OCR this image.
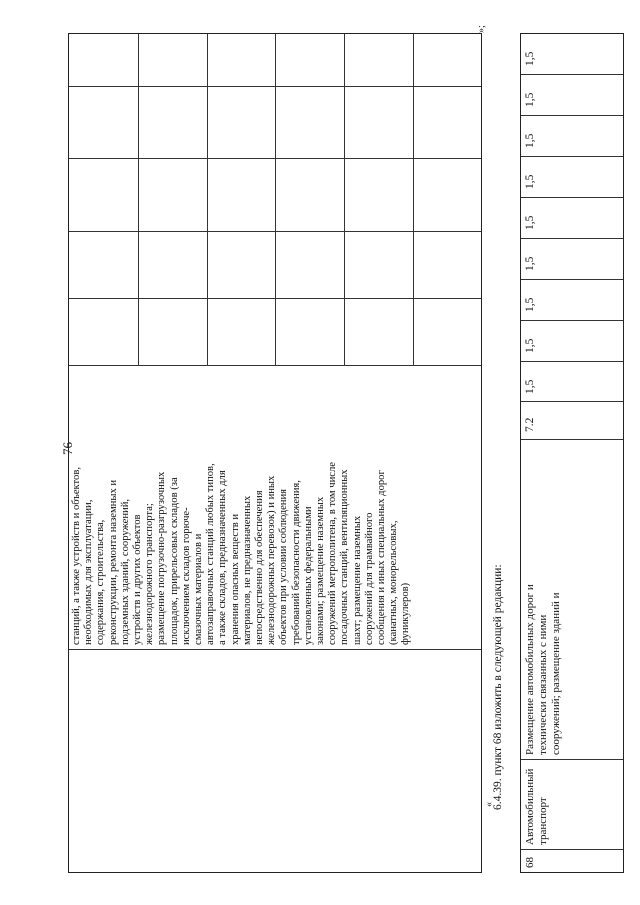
76
станций, а также устройств и объектов,
необходимых для эксплуатации,
содержания, строительства,
реконструкции, ремонта наземных и
подземных зданий, сооружений,
устройств и других объектов
железнодорожного транспорта;
размещение погрузочно-разгрузочных
площадок, прирельсовых складов (за
исключением складов горюче-
смазочных материалов и
автозаправочных станций любых типов,
а также складов, предназначенных для
хранения опасных веществ и
материалов, не предназначенных
непосредственно для обеспечения
железнодорожных перевозок) и иных
объектов при условии соблюдения
требований безопасности движения,
установленных федеральными
законами; размещение наземных
сооружений метрополитена, в том числе
посадочных станций, вентиляционных
шахт; размещение наземных
сооружений для трамвайного
сообщения и иных специальных дорог
(канатных, монорельсовых,
фуникулеров)
»;
«
6.4.39. пункт 68 изложить в следующей редакции:
68
Автомобильный транспорт
Размещение автомобильных дорог и технически связанных с ними сооружений; размещение зданий и
7.2
1,5
1,5
1,5
1,5
1,5
1,5
1,5
1,5
1,5
